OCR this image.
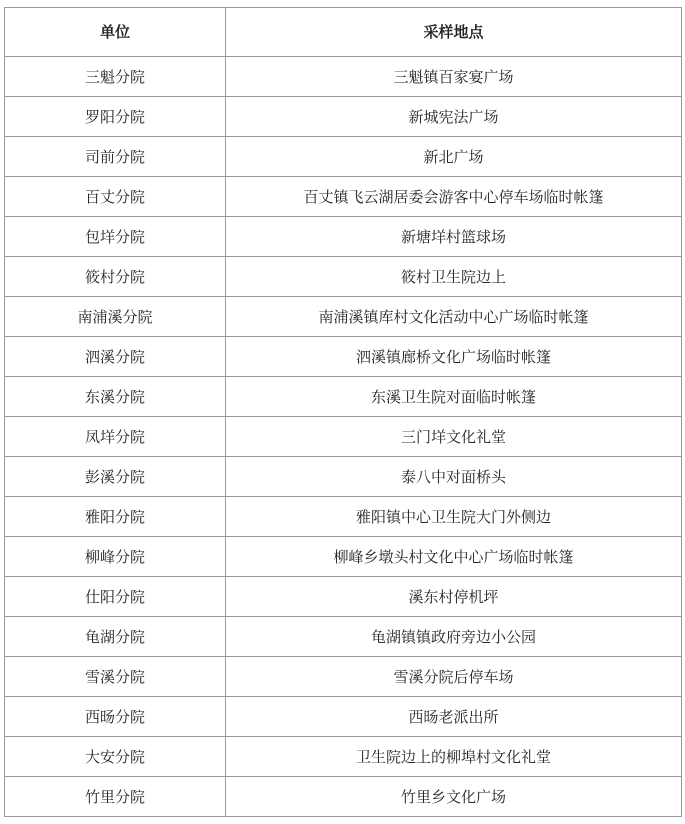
单位	采样地点
三魁分院	三魁镇百家宴广场
罗阳分院	新城宪法广场
司前分院	新北广场
百丈分院	百丈镇飞云湖居委会游客中心停车场临时帐篷
包垟分院	新塘垟村篮球场
筱村分院	筱村卫生院边上
南浦溪分院	南浦溪镇库村文化活动中心广场临时帐篷
泗溪分院	泗溪镇廊桥文化广场临时帐篷
东溪分院	东溪卫生院对面临时帐篷
凤垟分院	三门垟文化礼堂
彭溪分院	泰八中对面桥头
雅阳分院	雅阳镇中心卫生院大门外侧边
柳峰分院	柳峰乡墩头村文化中心广场临时帐篷
仕阳分院	溪东村停机坪
龟湖分院	龟湖镇镇政府旁边小公园
雪溪分院	雪溪分院后停车场
西旸分院	西旸老派出所
大安分院	卫生院边上的柳埠村文化礼堂
竹里分院	竹里乡文化广场
